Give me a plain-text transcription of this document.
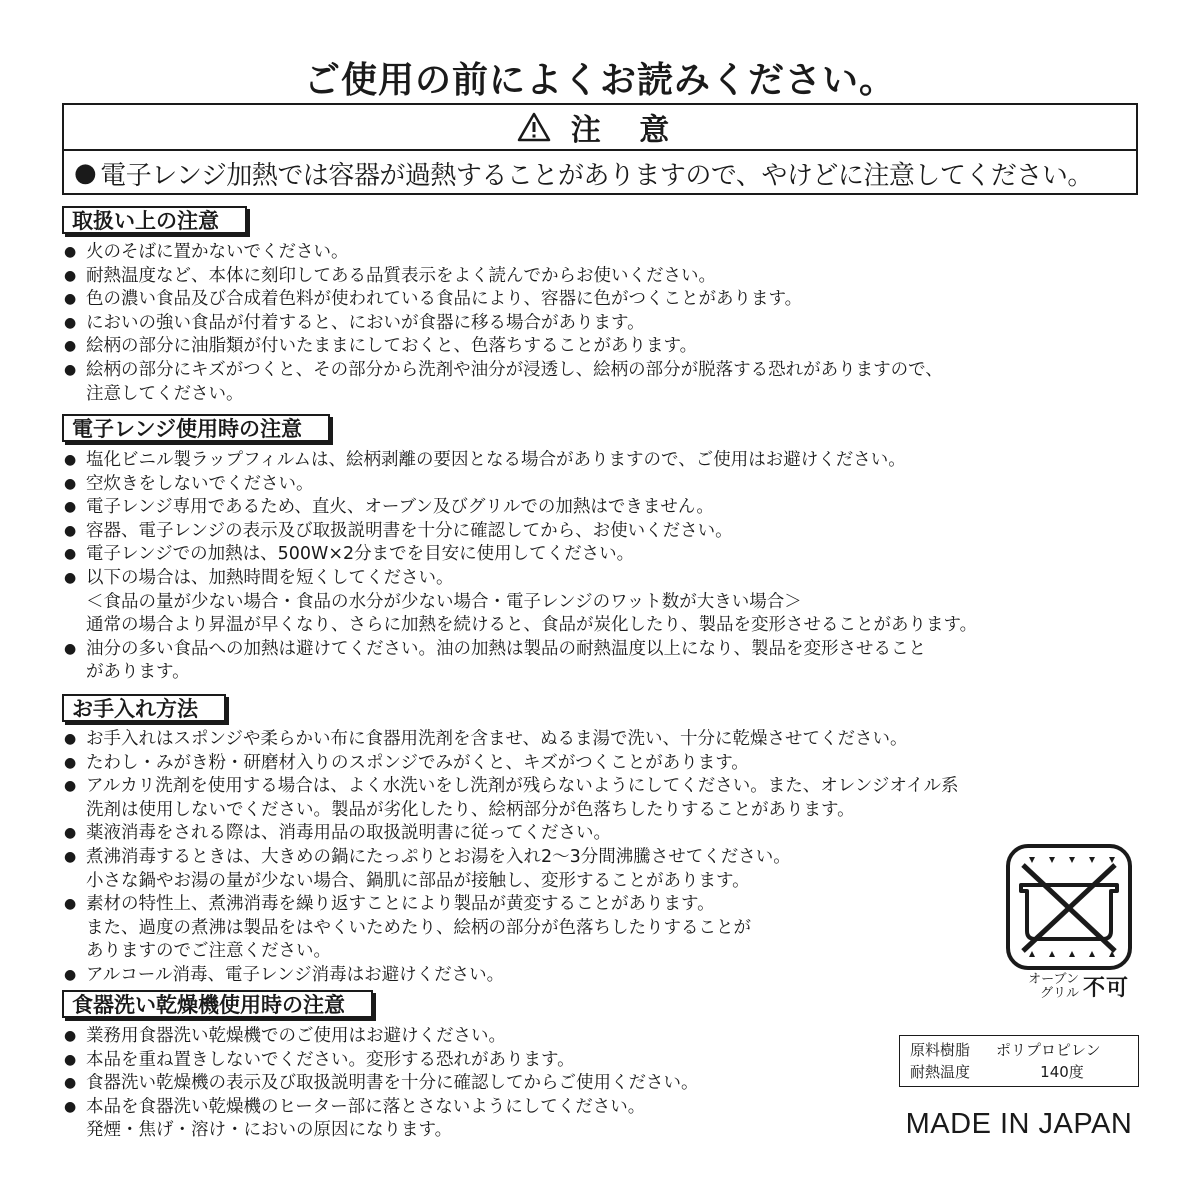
ご使用の前によくお読みください。
注 意
● 電子レンジ加熱では容器が過熱することがありますので、やけどに注意してください。
取扱い上の注意
● 火のそばに置かないでください。
● 耐熱温度など、本体に刻印してある品質表示をよく読んでからお使いください。
● 色の濃い食品及び合成着色料が使われている食品により、容器に色がつくことがあります。
● においの強い食品が付着すると、においが食器に移る場合があります。
● 絵柄の部分に油脂類が付いたままにしておくと、色落ちすることがあります。
● 絵柄の部分にキズがつくと、その部分から洗剤や油分が浸透し、絵柄の部分が脱落する恐れがありますので、
注意してください。
電子レンジ使用時の注意
● 塩化ビニル製ラップフィルムは、絵柄剥離の要因となる場合がありますので、ご使用はお避けください。
● 空炊きをしないでください。
● 電子レンジ専用であるため、直火、オーブン及びグリルでの加熱はできません。
● 容器、電子レンジの表示及び取扱説明書を十分に確認してから、お使いください。
● 電子レンジでの加熱は、500W×2分までを目安に使用してください。
● 以下の場合は、加熱時間を短くしてください。
＜食品の量が少ない場合・食品の水分が少ない場合・電子レンジのワット数が大きい場合＞
通常の場合より昇温が早くなり、さらに加熱を続けると、食品が炭化したり、製品を変形させることがあります。
● 油分の多い食品への加熱は避けてください。油の加熱は製品の耐熱温度以上になり、製品を変形させること
があります。
お手入れ方法
● お手入れはスポンジや柔らかい布に食器用洗剤を含ませ、ぬるま湯で洗い、十分に乾燥させてください。
● たわし・みがき粉・研磨材入りのスポンジでみがくと、キズがつくことがあります。
● アルカリ洗剤を使用する場合は、よく水洗いをし洗剤が残らないようにしてください。また、オレンジオイル系
洗剤は使用しないでください。製品が劣化したり、絵柄部分が色落ちしたりすることがあります。
● 薬液消毒をされる際は、消毒用品の取扱説明書に従ってください。
● 煮沸消毒するときは、大きめの鍋にたっぷりとお湯を入れ2〜3分間沸騰させてください。
小さな鍋やお湯の量が少ない場合、鍋肌に部品が接触し、変形することがあります。
● 素材の特性上、煮沸消毒を繰り返すことにより製品が黄変することがあります。
また、過度の煮沸は製品をはやくいためたり、絵柄の部分が色落ちしたりすることが
ありますのでご注意ください。
● アルコール消毒、電子レンジ消毒はお避けください。
食器洗い乾燥機使用時の注意
● 業務用食器洗い乾燥機でのご使用はお避けください。
● 本品を重ね置きしないでください。変形する恐れがあります。
● 食器洗い乾燥機の表示及び取扱説明書を十分に確認してからご使用ください。
● 本品を食器洗い乾燥機のヒーター部に落とさないようにしてください。
発煙・焦げ・溶け・においの原因になります。
オーブン
グリル 不可
原料樹脂	ポリプロピレン
耐熱温度	140度
MADE IN JAPAN
